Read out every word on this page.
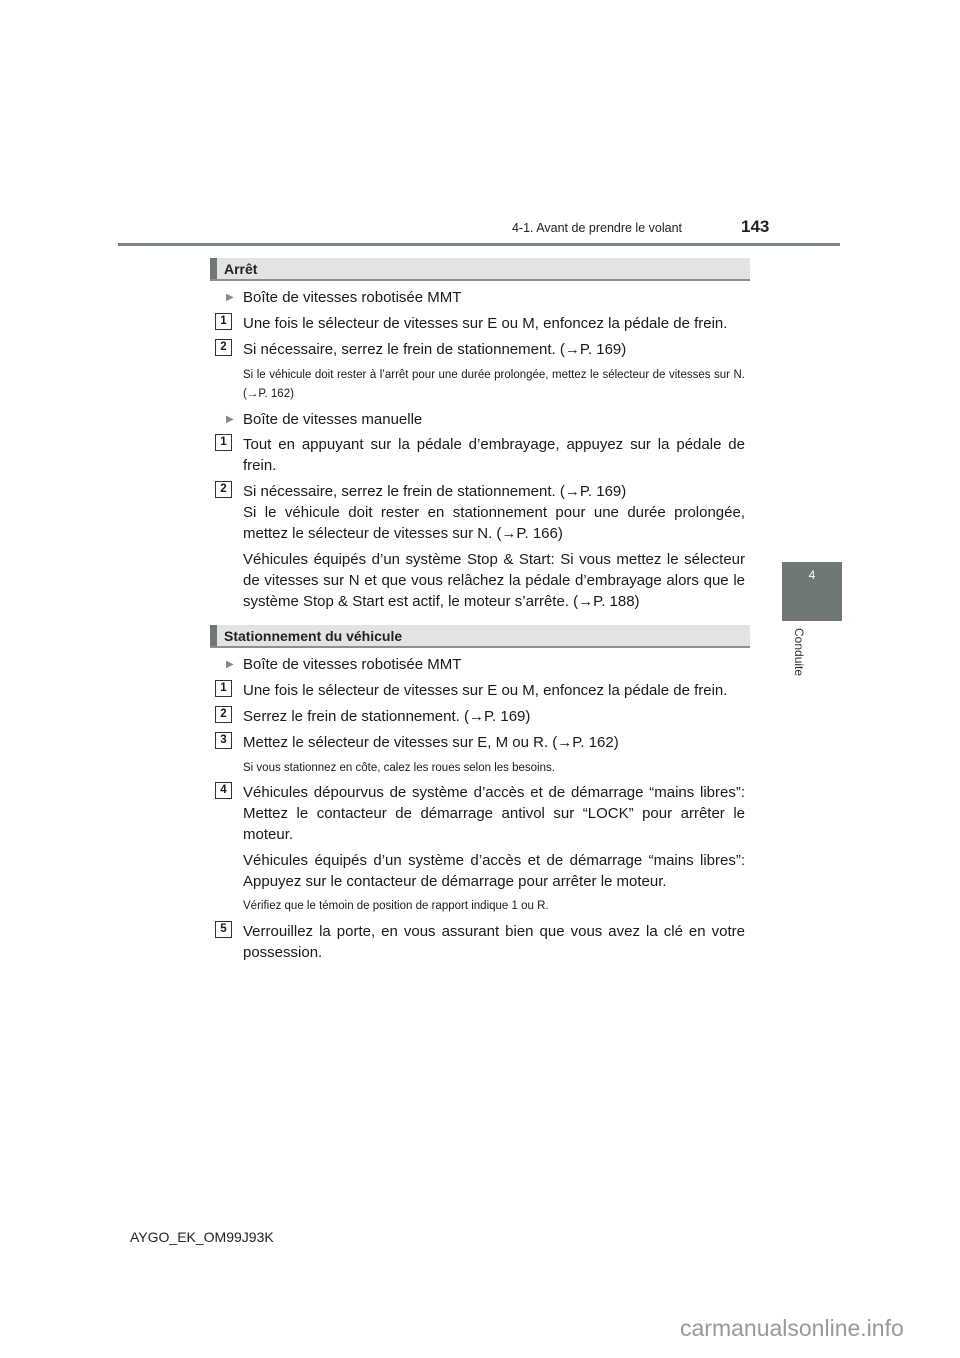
4-1. Avant de prendre le volant	143
4
Conduite
Arrêt
▶ Boîte de vitesses robotisée MMT
1	Une fois le sélecteur de vitesses sur E ou M, enfoncez la pédale de frein.
2	Si nécessaire, serrez le frein de stationnement. (→P. 169)
Si le véhicule doit rester à l’arrêt pour une durée prolongée, mettez le sélecteur de vitesses sur N. (→P. 162)
▶ Boîte de vitesses manuelle
1	Tout en appuyant sur la pédale d’embrayage, appuyez sur la pédale de frein.
2	Si nécessaire, serrez le frein de stationnement. (→P. 169)
Si le véhicule doit rester en stationnement pour une durée prolongée, mettez le sélecteur de vitesses sur N. (→P. 166)
Véhicules équipés d’un système Stop & Start: Si vous mettez le sélecteur de vitesses sur N et que vous relâchez la pédale d’embrayage alors que le système Stop & Start est actif, le moteur s’arrête. (→P. 188)
Stationnement du véhicule
▶ Boîte de vitesses robotisée MMT
1	Une fois le sélecteur de vitesses sur E ou M, enfoncez la pédale de frein.
2	Serrez le frein de stationnement. (→P. 169)
3	Mettez le sélecteur de vitesses sur E, M ou R. (→P. 162)
Si vous stationnez en côte, calez les roues selon les besoins.
4	Véhicules dépourvus de système d’accès et de démarrage “mains libres”: Mettez le contacteur de démarrage antivol sur “LOCK” pour arrêter le moteur.
Véhicules équipés d’un système d’accès et de démarrage “mains libres”: Appuyez sur le contacteur de démarrage pour arrêter le moteur.
Vérifiez que le témoin de position de rapport indique 1 ou R.
5	Verrouillez la porte, en vous assurant bien que vous avez la clé en votre possession.
AYGO_EK_OM99J93K
carmanualsonline.info
